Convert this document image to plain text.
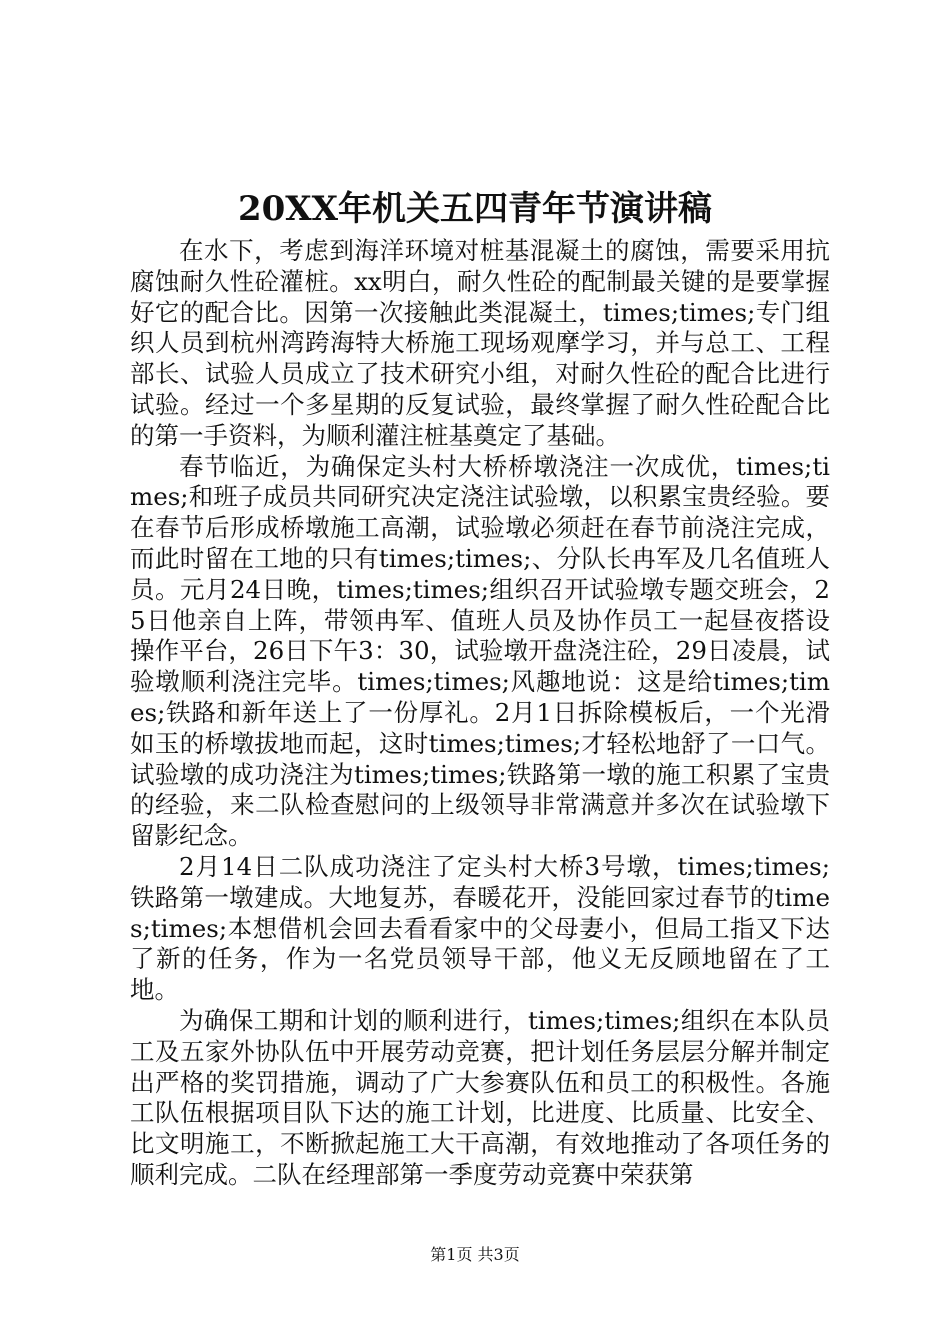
20XX年机关五四青年节演讲稿

在水下，考虑到海洋环境对桩基混凝土的腐蚀，需要采用抗腐蚀耐久性砼灌桩。xx明白，耐久性砼的配制最关键的是要掌握好它的配合比。因第一次接触此类混凝土，times;times;专门组织人员到杭州湾跨海特大桥施工现场观摩学习，并与总工、工程部长、试验人员成立了技术研究小组，对耐久性砼的配合比进行试验。经过一个多星期的反复试验，最终掌握了耐久性砼配合比的第一手资料，为顺利灌注桩基奠定了基础。

春节临近，为确保定头村大桥桥墩浇注一次成优，times;times;和班子成员共同研究决定浇注试验墩，以积累宝贵经验。要在春节后形成桥墩施工高潮，试验墩必须赶在春节前浇注完成，而此时留在工地的只有times;times;、分队长冉军及几名值班人员。元月24日晚，times;times;组织召开试验墩专题交班会，25日他亲自上阵，带领冉军、值班人员及协作员工一起昼夜搭设操作平台，26日下午3：30，试验墩开盘浇注砼，29日凌晨，试验墩顺利浇注完毕。times;times;风趣地说：这是给times;times;铁路和新年送上了一份厚礼。2月1日拆除模板后，一个光滑如玉的桥墩拔地而起，这时times;times;才轻松地舒了一口气。试验墩的成功浇注为times;times;铁路第一墩的施工积累了宝贵的经验，来二队检查慰问的上级领导非常满意并多次在试验墩下留影纪念。

2月14日二队成功浇注了定头村大桥3号墩，times;times;铁路第一墩建成。大地复苏，春暖花开，没能回家过春节的times;times;本想借机会回去看看家中的父母妻小，但局工指又下达了新的任务，作为一名党员领导干部，他义无反顾地留在了工地。

为确保工期和计划的顺利进行，times;times;组织在本队员工及五家外协队伍中开展劳动竞赛，把计划任务层层分解并制定出严格的奖罚措施，调动了广大参赛队伍和员工的积极性。各施工队伍根据项目队下达的施工计划，比进度、比质量、比安全、比文明施工，不断掀起施工大干高潮，有效地推动了各项任务的顺利完成。二队在经理部第一季度劳动竞赛中荣获第

第1页 共3页
